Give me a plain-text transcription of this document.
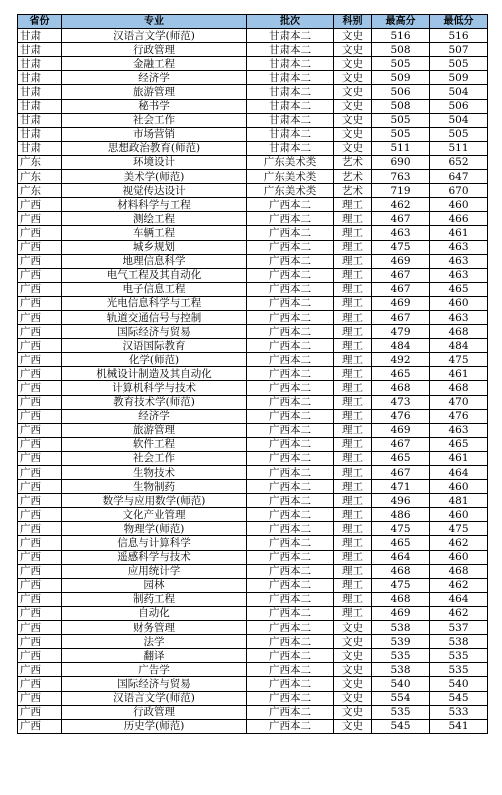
省份	专业	批次	科别	最高分	最低分
甘肃	汉语言文学(师范)	甘肃本二	文史	516	516
甘肃	行政管理	甘肃本二	文史	508	507
甘肃	金融工程	甘肃本二	文史	505	505
甘肃	经济学	甘肃本二	文史	509	509
甘肃	旅游管理	甘肃本二	文史	506	504
甘肃	秘书学	甘肃本二	文史	508	506
甘肃	社会工作	甘肃本二	文史	505	504
甘肃	市场营销	甘肃本二	文史	505	505
甘肃	思想政治教育(师范)	甘肃本二	文史	511	511
广东	环境设计	广东美术类	艺术	690	652
广东	美术学(师范)	广东美术类	艺术	763	647
广东	视觉传达设计	广东美术类	艺术	719	670
广西	材料科学与工程	广西本二	理工	462	460
广西	测绘工程	广西本二	理工	467	466
广西	车辆工程	广西本二	理工	463	461
广西	城乡规划	广西本二	理工	475	463
广西	地理信息科学	广西本二	理工	469	463
广西	电气工程及其自动化	广西本二	理工	467	463
广西	电子信息工程	广西本二	理工	467	465
广西	光电信息科学与工程	广西本二	理工	469	460
广西	轨道交通信号与控制	广西本二	理工	467	463
广西	国际经济与贸易	广西本二	理工	479	468
广西	汉语国际教育	广西本二	理工	484	484
广西	化学(师范)	广西本二	理工	492	475
广西	机械设计制造及其自动化	广西本二	理工	465	461
广西	计算机科学与技术	广西本二	理工	468	468
广西	教育技术学(师范)	广西本二	理工	473	470
广西	经济学	广西本二	理工	476	476
广西	旅游管理	广西本二	理工	469	463
广西	软件工程	广西本二	理工	467	465
广西	社会工作	广西本二	理工	465	461
广西	生物技术	广西本二	理工	467	464
广西	生物制药	广西本二	理工	471	460
广西	数学与应用数学(师范)	广西本二	理工	496	481
广西	文化产业管理	广西本二	理工	486	460
广西	物理学(师范)	广西本二	理工	475	475
广西	信息与计算科学	广西本二	理工	465	462
广西	遥感科学与技术	广西本二	理工	464	460
广西	应用统计学	广西本二	理工	468	468
广西	园林	广西本二	理工	475	462
广西	制药工程	广西本二	理工	468	464
广西	自动化	广西本二	理工	469	462
广西	财务管理	广西本二	文史	538	537
广西	法学	广西本二	文史	539	538
广西	翻译	广西本二	文史	535	535
广西	广告学	广西本二	文史	538	535
广西	国际经济与贸易	广西本二	文史	540	540
广西	汉语言文学(师范)	广西本二	文史	554	545
广西	行政管理	广西本二	文史	535	533
广西	历史学(师范)	广西本二	文史	545	541
